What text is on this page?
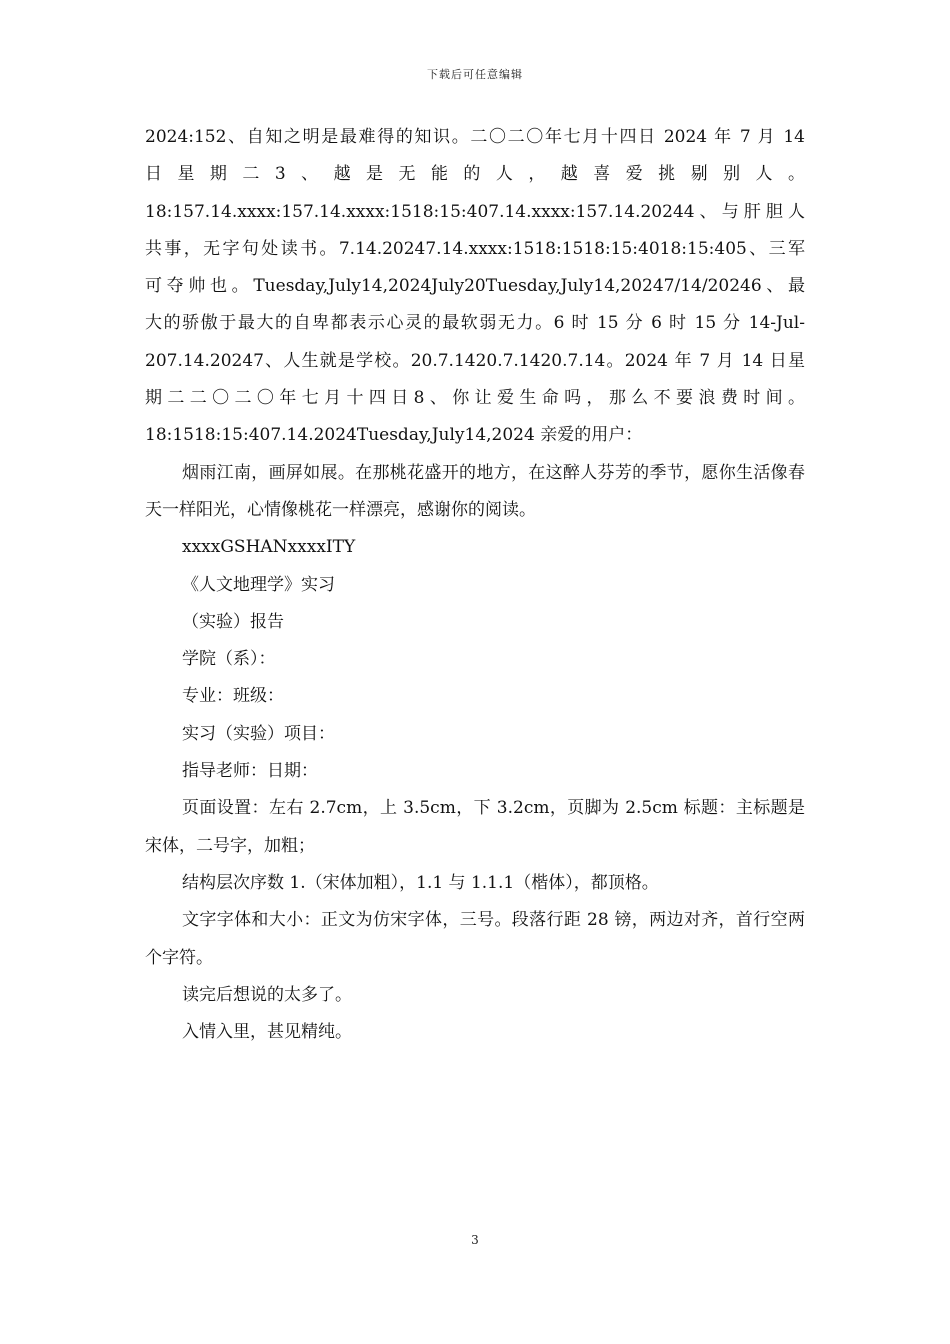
下载后可任意编辑

2024:152、自知之明是最难得的知识。二〇二〇年七月十四日 2024 年 7 月 14

日星期二3、越是无能的人，越喜爱挑剔别人。

18:157.14.xxxx:157.14.xxxx:1518:15:407.14.xxxx:157.14.20244、与肝胆人

共事，无字句处读书。7.14.20247.14.xxxx:1518:1518:15:4018:15:405、三军

可夺帅也。Tuesday,July14,2024July20Tuesday,July14,20247/14/20246、最

大的骄傲于最大的自卑都表示心灵的最软弱无力。6 时 15 分 6 时 15 分 14-Jul-

207.14.20247、人生就是学校。20.7.1420.7.1420.7.14。2024 年 7 月 14 日星

期二二〇二〇年七月十四日8、你让爱生命吗，那么不要浪费时间。

18:1518:15:407.14.2024Tuesday,July14,2024 亲爱的用户：

烟雨江南，画屏如展。在那桃花盛开的地方，在这醉人芬芳的季节，愿你生活像春天一样阳光，心情像桃花一样漂亮，感谢你的阅读。

xxxxGSHANxxxxITY

《人文地理学》实习

（实验）报告

学院（系）：

专业：班级：

实习（实验）项目：

指导老师：日期：

页面设置：左右 2.7cm，上 3.5cm，下 3.2cm，页脚为 2.5cm 标题：主标题是宋体，二号字，加粗；

结构层次序数 1.（宋体加粗），1.1 与 1.1.1（楷体），都顶格。

文字字体和大小：正文为仿宋字体，三号。段落行距 28 镑，两边对齐，首行空两个字符。

读完后想说的太多了。

入情入里，甚见精纯。

3
